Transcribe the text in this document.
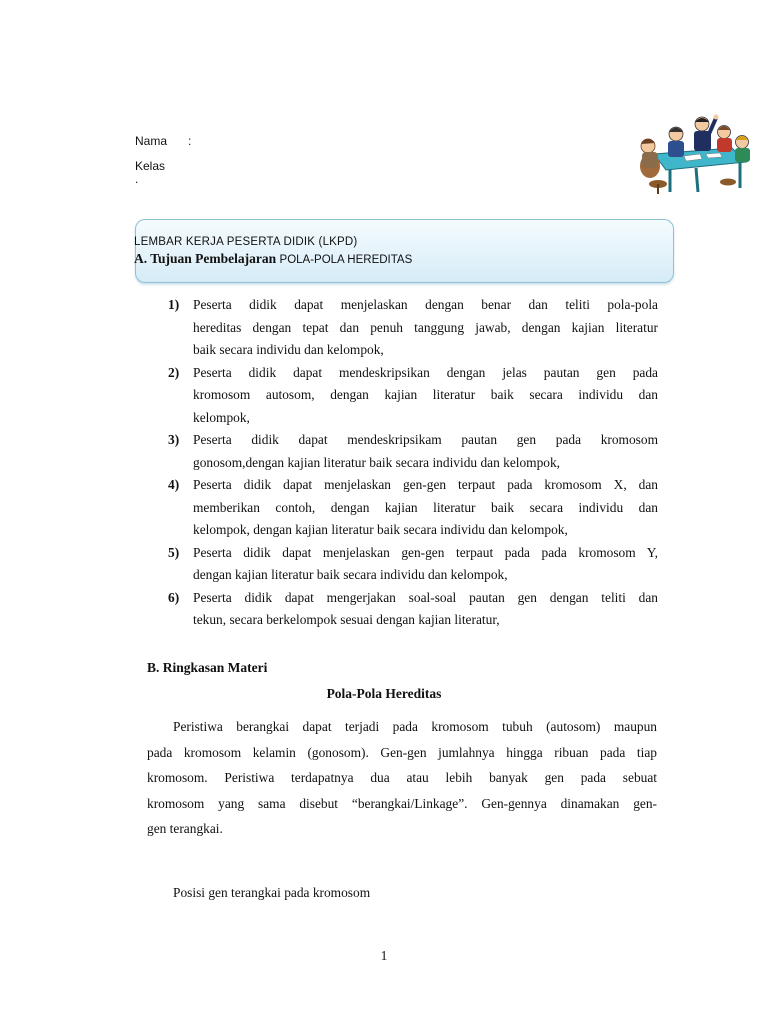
Nama :
Kelas
.
LEMBAR KERJA PESERTA DIDIK (LKPD)
A. Tujuan Pembelajaran POLA-POLA HEREDITAS
1) Peserta didik dapat menjelaskan dengan benar dan teliti pola-pola
hereditas dengan tepat dan penuh tanggung jawab, dengan kajian literatur
baik secara individu dan kelompok,
2) Peserta didik dapat mendeskripsikan dengan jelas pautan gen pada
kromosom autosom, dengan kajian literatur baik secara individu dan
kelompok,
3) Peserta didik dapat mendeskripsikam pautan gen pada kromosom
gonosom,dengan kajian literatur baik secara individu dan kelompok,
4) Peserta didik dapat menjelaskan gen-gen terpaut pada kromosom X, dan
memberikan contoh, dengan kajian literatur baik secara individu dan
kelompok, dengan kajian literatur baik secara individu dan kelompok,
5) Peserta didik dapat menjelaskan gen-gen terpaut pada pada kromosom Y,
dengan kajian literatur baik secara individu dan kelompok,
6) Peserta didik dapat mengerjakan soal-soal pautan gen dengan teliti dan
tekun, secara berkelompok sesuai dengan kajian literatur,
B. Ringkasan Materi
Pola-Pola Hereditas
Peristiwa berangkai dapat terjadi pada kromosom tubuh (autosom) maupun
pada kromosom kelamin (gonosom). Gen-gen jumlahnya hingga ribuan pada tiap
kromosom. Peristiwa terdapatnya dua atau lebih banyak gen pada sebuat
kromosom yang sama disebut “berangkai/Linkage”. Gen-gennya dinamakan gen-
gen terangkai.
Posisi gen terangkai pada kromosom
1
